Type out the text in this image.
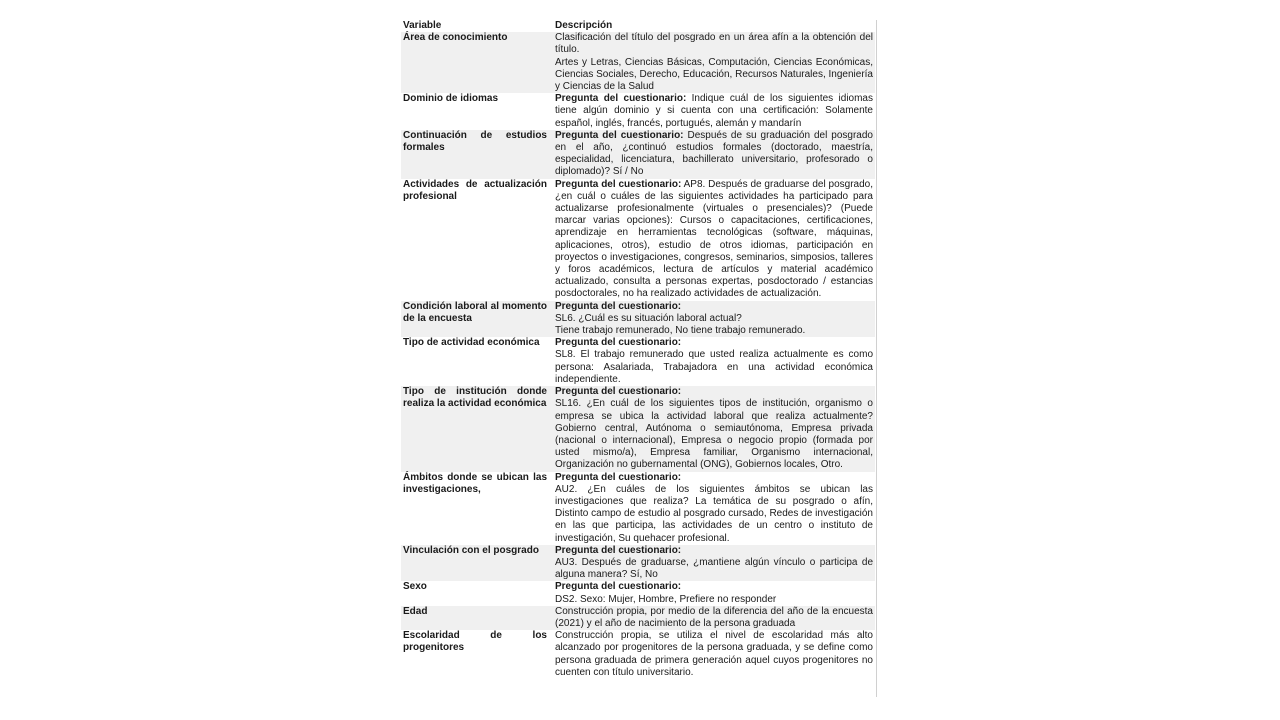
Variable	Descripción
Área de conocimiento	Clasificación del título del posgrado en un área afín a la obtención del título.
Artes y Letras, Ciencias Básicas, Computación, Ciencias Económicas, Ciencias Sociales, Derecho, Educación, Recursos Naturales, Ingeniería y Ciencias de la Salud

Dominio de idiomas	Pregunta del cuestionario: Indique cuál de los siguientes idiomas tiene algún dominio y si cuenta con una certificación: Solamente español, inglés, francés, portugués, alemán y mandarín
Continuación de estudios formales	Pregunta del cuestionario: Después de su graduación del posgrado en el año, ¿continuó estudios formales (doctorado, maestría, especialidad, licenciatura, bachillerato universitario, profesorado o diplomado)? Sí / No
Actividades de actualización profesional	Pregunta del cuestionario: AP8. Después de graduarse del posgrado, ¿en cuál o cuáles de las siguientes actividades ha participado para actualizarse profesionalmente (virtuales o presenciales)? (Puede marcar varias opciones): Cursos o capacitaciones, certificaciones, aprendizaje en herramientas tecnológicas (software, máquinas, aplicaciones, otros), estudio de otros idiomas, participación en proyectos o investigaciones, congresos, seminarios, simposios, talleres y foros académicos, lectura de artículos y material académico actualizado, consulta a personas expertas, posdoctorado / estancias posdoctorales, no ha realizado actividades de actualización.
Condición laboral al momento de la encuesta	Pregunta del cuestionario:
SL6. ¿Cuál es su situación laboral actual?
Tiene trabajo remunerado, No tiene trabajo remunerado.

Tipo de actividad económica	Pregunta del cuestionario:
SL8. El trabajo remunerado que usted realiza actualmente es como persona: Asalariada, Trabajadora en una actividad económica independiente.

Tipo de institución donde realiza la actividad económica	Pregunta del cuestionario:
SL16. ¿En cuál de los siguientes tipos de institución, organismo o empresa se ubica la actividad laboral que realiza actualmente? Gobierno central, Autónoma o semiautónoma, Empresa privada (nacional o internacional), Empresa o negocio propio (formada por usted mismo/a), Empresa familiar, Organismo internacional, Organización no gubernamental (ONG), Gobiernos locales, Otro.

Ámbitos donde se ubican las investigaciones,	Pregunta del cuestionario:
AU2. ¿En cuáles de los siguientes ámbitos se ubican las investigaciones que realiza? La temática de su posgrado o afín, Distinto campo de estudio al posgrado cursado, Redes de investigación en las que participa, las actividades de un centro o instituto de investigación, Su quehacer profesional.

Vinculación con el posgrado	Pregunta del cuestionario:
AU3. Después de graduarse, ¿mantiene algún vínculo o participa de alguna manera? Sí, No

Sexo	Pregunta del cuestionario:
DS2. Sexo: Mujer, Hombre, Prefiere no responder

Edad	Construcción propia, por medio de la diferencia del año de la encuesta (2021) y el año de nacimiento de la persona graduada

Escolaridad de los progenitores	Construcción propia, se utiliza el nivel de escolaridad más alto alcanzado por progenitores de la persona graduada, y se define como persona graduada de primera generación aquel cuyos progenitores no cuenten con título universitario.
